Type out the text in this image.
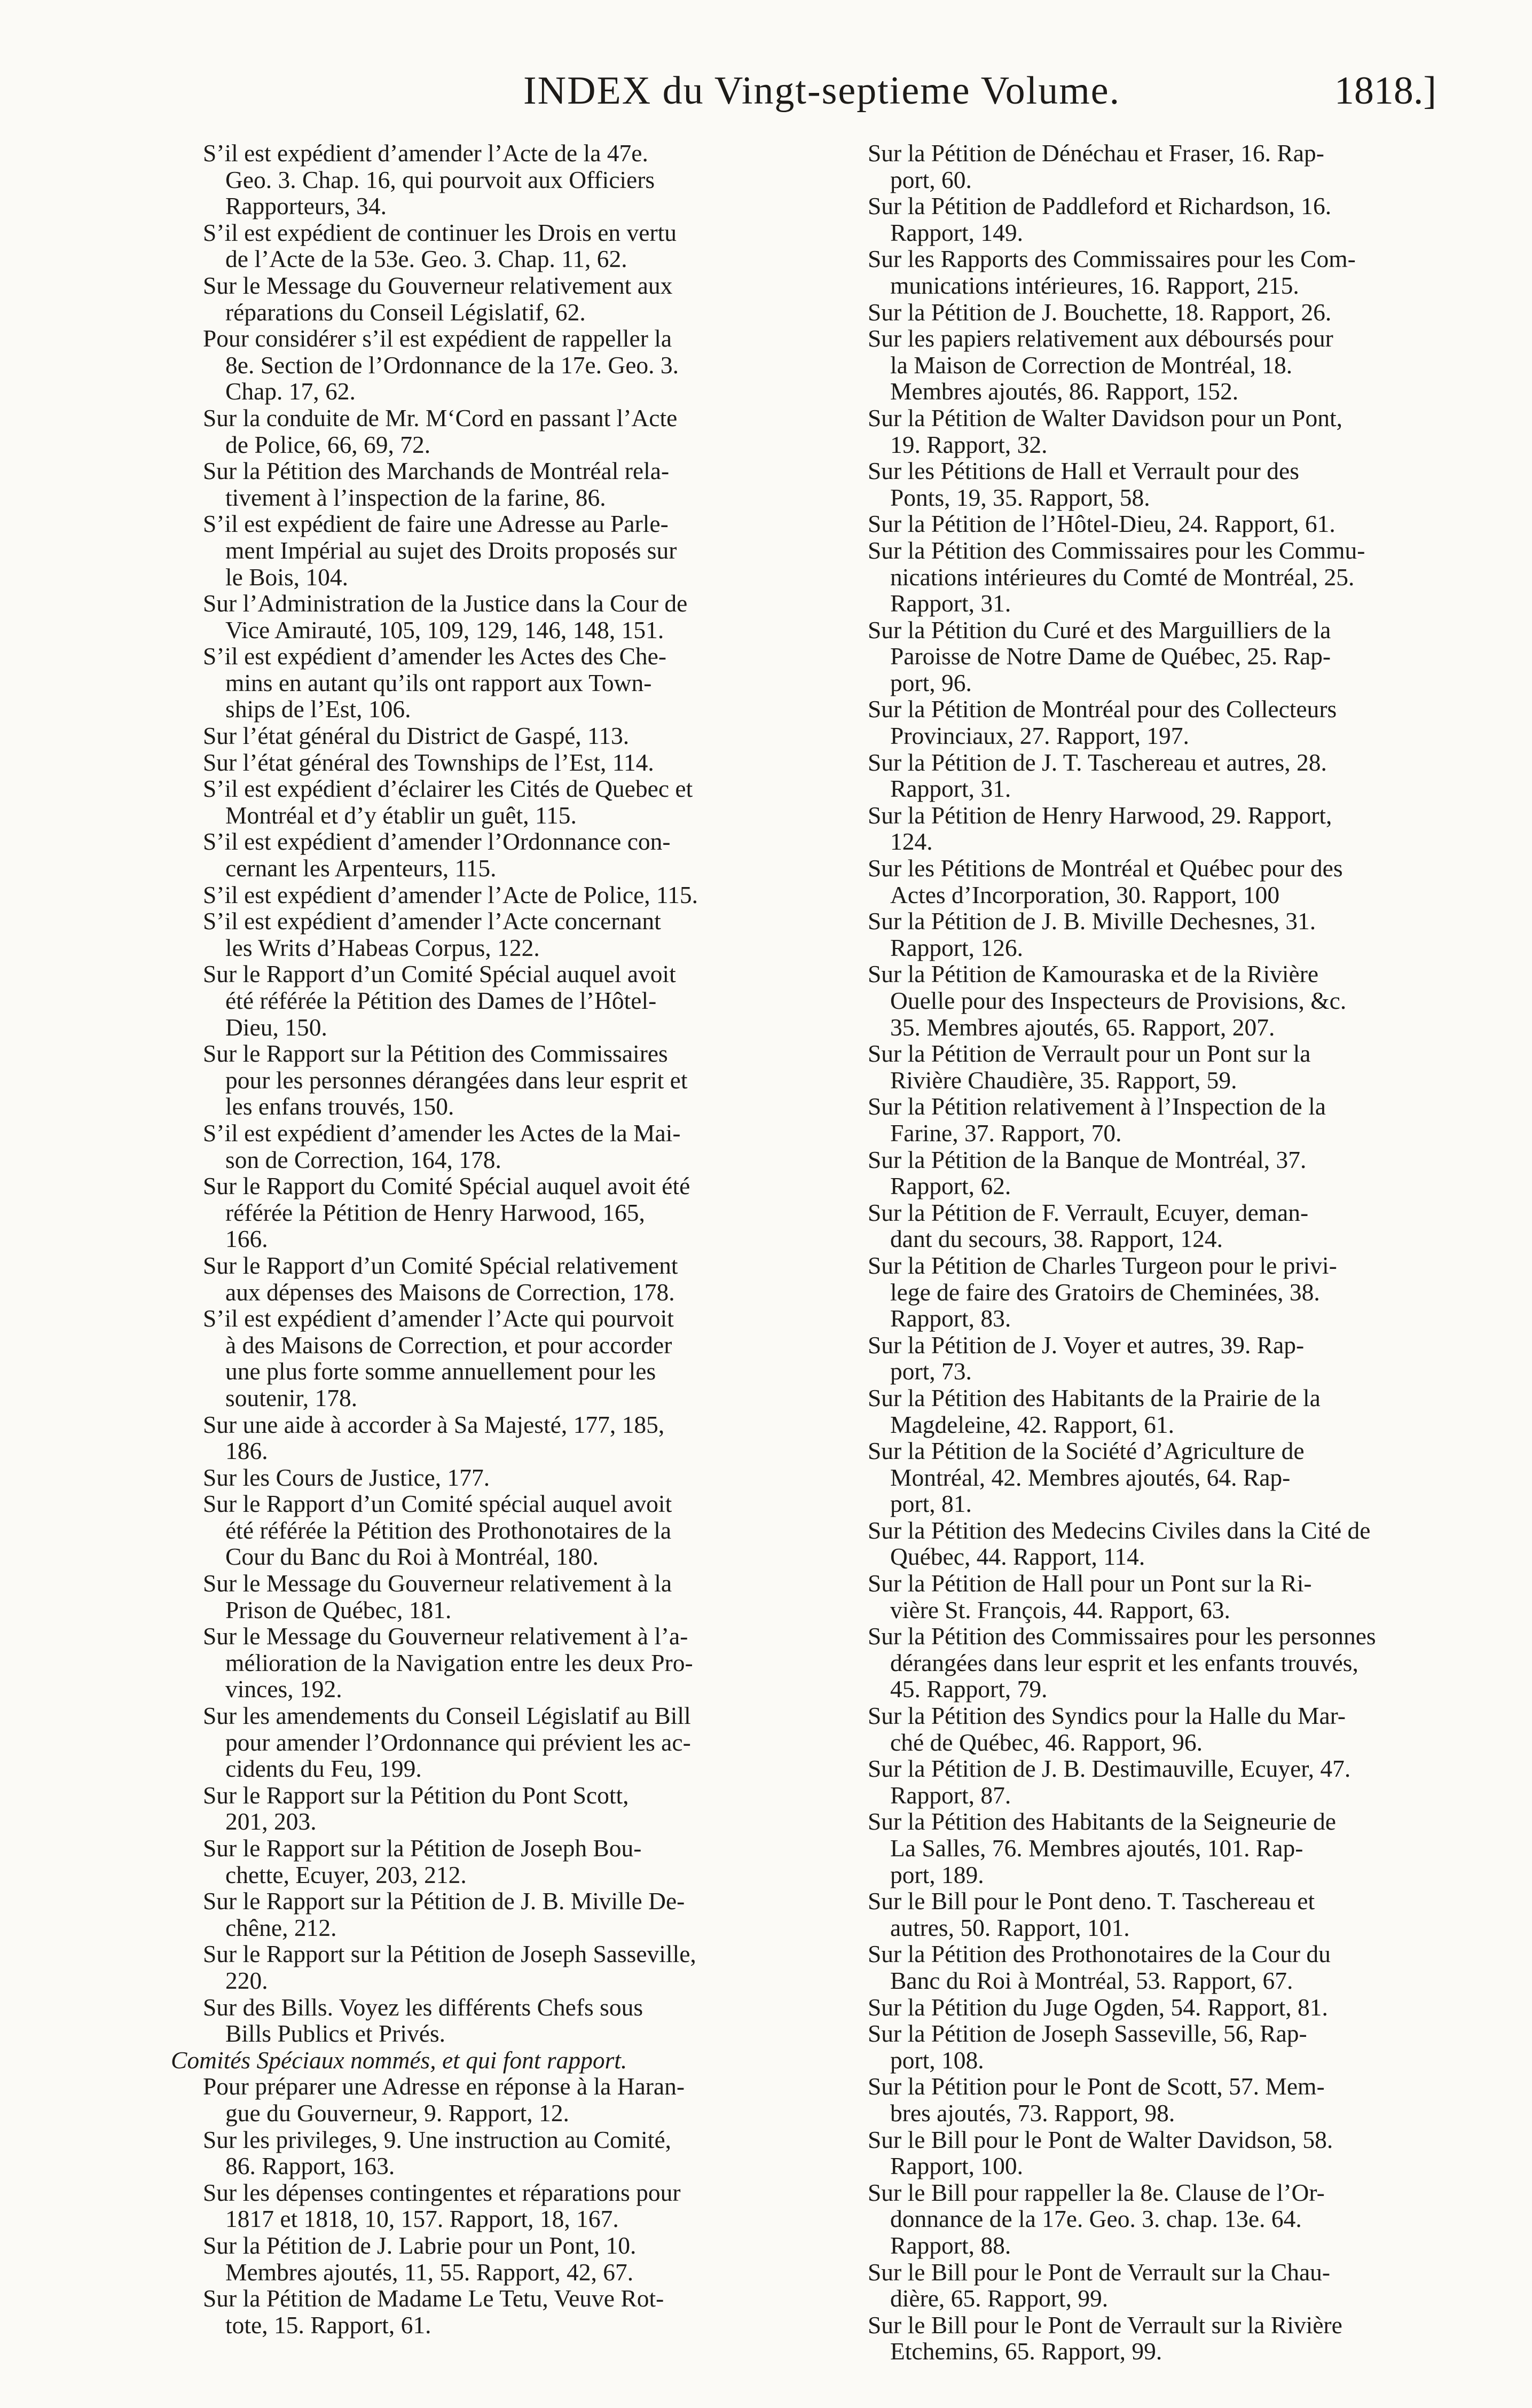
INDEX du Vingt-septieme Volume.	1818.]
S’il est expédient d’amender l’Acte de la 47e.
Geo. 3. Chap. 16, qui pourvoit aux Officiers
Rapporteurs, 34.
S’il est expédient de continuer les Drois en vertu
de l’Acte de la 53e. Geo. 3. Chap. 11, 62.
Sur le Message du Gouverneur relativement aux
réparations du Conseil Législatif, 62.
Pour considérer s’il est expédient de rappeller la
8e. Section de l’Ordonnance de la 17e. Geo. 3.
Chap. 17, 62.
Sur la conduite de Mr. M‘Cord en passant l’Acte
de Police, 66, 69, 72.
Sur la Pétition des Marchands de Montréal rela-
tivement à l’inspection de la farine, 86.
S’il est expédient de faire une Adresse au Parle-
ment Impérial au sujet des Droits proposés sur
le Bois, 104.
Sur l’Administration de la Justice dans la Cour de
Vice Amirauté, 105, 109, 129, 146, 148, 151.
S’il est expédient d’amender les Actes des Che-
mins en autant qu’ils ont rapport aux Town-
ships de l’Est, 106.
Sur l’état général du District de Gaspé, 113.
Sur l’état général des Townships de l’Est, 114.
S’il est expédient d’éclairer les Cités de Quebec et
Montréal et d’y établir un guêt, 115.
S’il est expédient d’amender l’Ordonnance con-
cernant les Arpenteurs, 115.
S’il est expédient d’amender l’Acte de Police, 115.
S’il est expédient d’amender l’Acte concernant
les Writs d’Habeas Corpus, 122.
Sur le Rapport d’un Comité Spécial auquel avoit
été référée la Pétition des Dames de l’Hôtel-
Dieu, 150.
Sur le Rapport sur la Pétition des Commissaires
pour les personnes dérangées dans leur esprit et
les enfans trouvés, 150.
S’il est expédient d’amender les Actes de la Mai-
son de Correction, 164, 178.
Sur le Rapport du Comité Spécial auquel avoit été
référée la Pétition de Henry Harwood, 165,
166.
Sur le Rapport d’un Comité Spécial relativement
aux dépenses des Maisons de Correction, 178.
S’il est expédient d’amender l’Acte qui pourvoit
à des Maisons de Correction, et pour accorder
une plus forte somme annuellement pour les
soutenir, 178.
Sur une aide à accorder à Sa Majesté, 177, 185,
186.
Sur les Cours de Justice, 177.
Sur le Rapport d’un Comité spécial auquel avoit
été référée la Pétition des Prothonotaires de la
Cour du Banc du Roi à Montréal, 180.
Sur le Message du Gouverneur relativement à la
Prison de Québec, 181.
Sur le Message du Gouverneur relativement à l’a-
mélioration de la Navigation entre les deux Pro-
vinces, 192.
Sur les amendements du Conseil Législatif au Bill
pour amender l’Ordonnance qui prévient les ac-
cidents du Feu, 199.
Sur le Rapport sur la Pétition du Pont Scott,
201, 203.
Sur le Rapport sur la Pétition de Joseph Bou-
chette, Ecuyer, 203, 212.
Sur le Rapport sur la Pétition de J. B. Miville De-
chêne, 212.
Sur le Rapport sur la Pétition de Joseph Sasseville,
220.
Sur des Bills. Voyez les différents Chefs sous
Bills Publics et Privés.
Comités Spéciaux nommés, et qui font rapport.
Pour préparer une Adresse en réponse à la Haran-
gue du Gouverneur, 9. Rapport, 12.
Sur les privileges, 9. Une instruction au Comité,
86. Rapport, 163.
Sur les dépenses contingentes et réparations pour
1817 et 1818, 10, 157. Rapport, 18, 167.
Sur la Pétition de J. Labrie pour un Pont, 10.
Membres ajoutés, 11, 55. Rapport, 42, 67.
Sur la Pétition de Madame Le Tetu, Veuve Rot-
tote, 15. Rapport, 61.
Sur la Pétition de Dénéchau et Fraser, 16. Rap-
port, 60.
Sur la Pétition de Paddleford et Richardson, 16.
Rapport, 149.
Sur les Rapports des Commissaires pour les Com-
munications intérieures, 16. Rapport, 215.
Sur la Pétition de J. Bouchette, 18. Rapport, 26.
Sur les papiers relativement aux déboursés pour
la Maison de Correction de Montréal, 18.
Membres ajoutés, 86. Rapport, 152.
Sur la Pétition de Walter Davidson pour un Pont,
19. Rapport, 32.
Sur les Pétitions de Hall et Verrault pour des
Ponts, 19, 35. Rapport, 58.
Sur la Pétition de l’Hôtel-Dieu, 24. Rapport, 61.
Sur la Pétition des Commissaires pour les Commu-
nications intérieures du Comté de Montréal, 25.
Rapport, 31.
Sur la Pétition du Curé et des Marguilliers de la
Paroisse de Notre Dame de Québec, 25. Rap-
port, 96.
Sur la Pétition de Montréal pour des Collecteurs
Provinciaux, 27. Rapport, 197.
Sur la Pétition de J. T. Taschereau et autres, 28.
Rapport, 31.
Sur la Pétition de Henry Harwood, 29. Rapport,
124.
Sur les Pétitions de Montréal et Québec pour des
Actes d’Incorporation, 30. Rapport, 100
Sur la Pétition de J. B. Miville Dechesnes, 31.
Rapport, 126.
Sur la Pétition de Kamouraska et de la Rivière
Ouelle pour des Inspecteurs de Provisions, &c.
35. Membres ajoutés, 65. Rapport, 207.
Sur la Pétition de Verrault pour un Pont sur la
Rivière Chaudière, 35. Rapport, 59.
Sur la Pétition relativement à l’Inspection de la
Farine, 37. Rapport, 70.
Sur la Pétition de la Banque de Montréal, 37.
Rapport, 62.
Sur la Pétition de F. Verrault, Ecuyer, deman-
dant du secours, 38. Rapport, 124.
Sur la Pétition de Charles Turgeon pour le privi-
lege de faire des Gratoirs de Cheminées, 38.
Rapport, 83.
Sur la Pétition de J. Voyer et autres, 39. Rap-
port, 73.
Sur la Pétition des Habitants de la Prairie de la
Magdeleine, 42. Rapport, 61.
Sur la Pétition de la Société d’Agriculture de
Montréal, 42. Membres ajoutés, 64. Rap-
port, 81.
Sur la Pétition des Medecins Civiles dans la Cité de
Québec, 44. Rapport, 114.
Sur la Pétition de Hall pour un Pont sur la Ri-
vière St. François, 44. Rapport, 63.
Sur la Pétition des Commissaires pour les personnes
dérangées dans leur esprit et les enfants trouvés,
45. Rapport, 79.
Sur la Pétition des Syndics pour la Halle du Mar-
ché de Québec, 46. Rapport, 96.
Sur la Pétition de J. B. Destimauville, Ecuyer, 47.
Rapport, 87.
Sur la Pétition des Habitants de la Seigneurie de
La Salles, 76. Membres ajoutés, 101. Rap-
port, 189.
Sur le Bill pour le Pont deno. T. Taschereau et
autres, 50. Rapport, 101.
Sur la Pétition des Prothonotaires de la Cour du
Banc du Roi à Montréal, 53. Rapport, 67.
Sur la Pétition du Juge Ogden, 54. Rapport, 81.
Sur la Pétition de Joseph Sasseville, 56, Rap-
port, 108.
Sur la Pétition pour le Pont de Scott, 57. Mem-
bres ajoutés, 73. Rapport, 98.
Sur le Bill pour le Pont de Walter Davidson, 58.
Rapport, 100.
Sur le Bill pour rappeller la 8e. Clause de l’Or-
donnance de la 17e. Geo. 3. chap. 13e. 64.
Rapport, 88.
Sur le Bill pour le Pont de Verrault sur la Chau-
dière, 65. Rapport, 99.
Sur le Bill pour le Pont de Verrault sur la Rivière
Etchemins, 65. Rapport, 99.
